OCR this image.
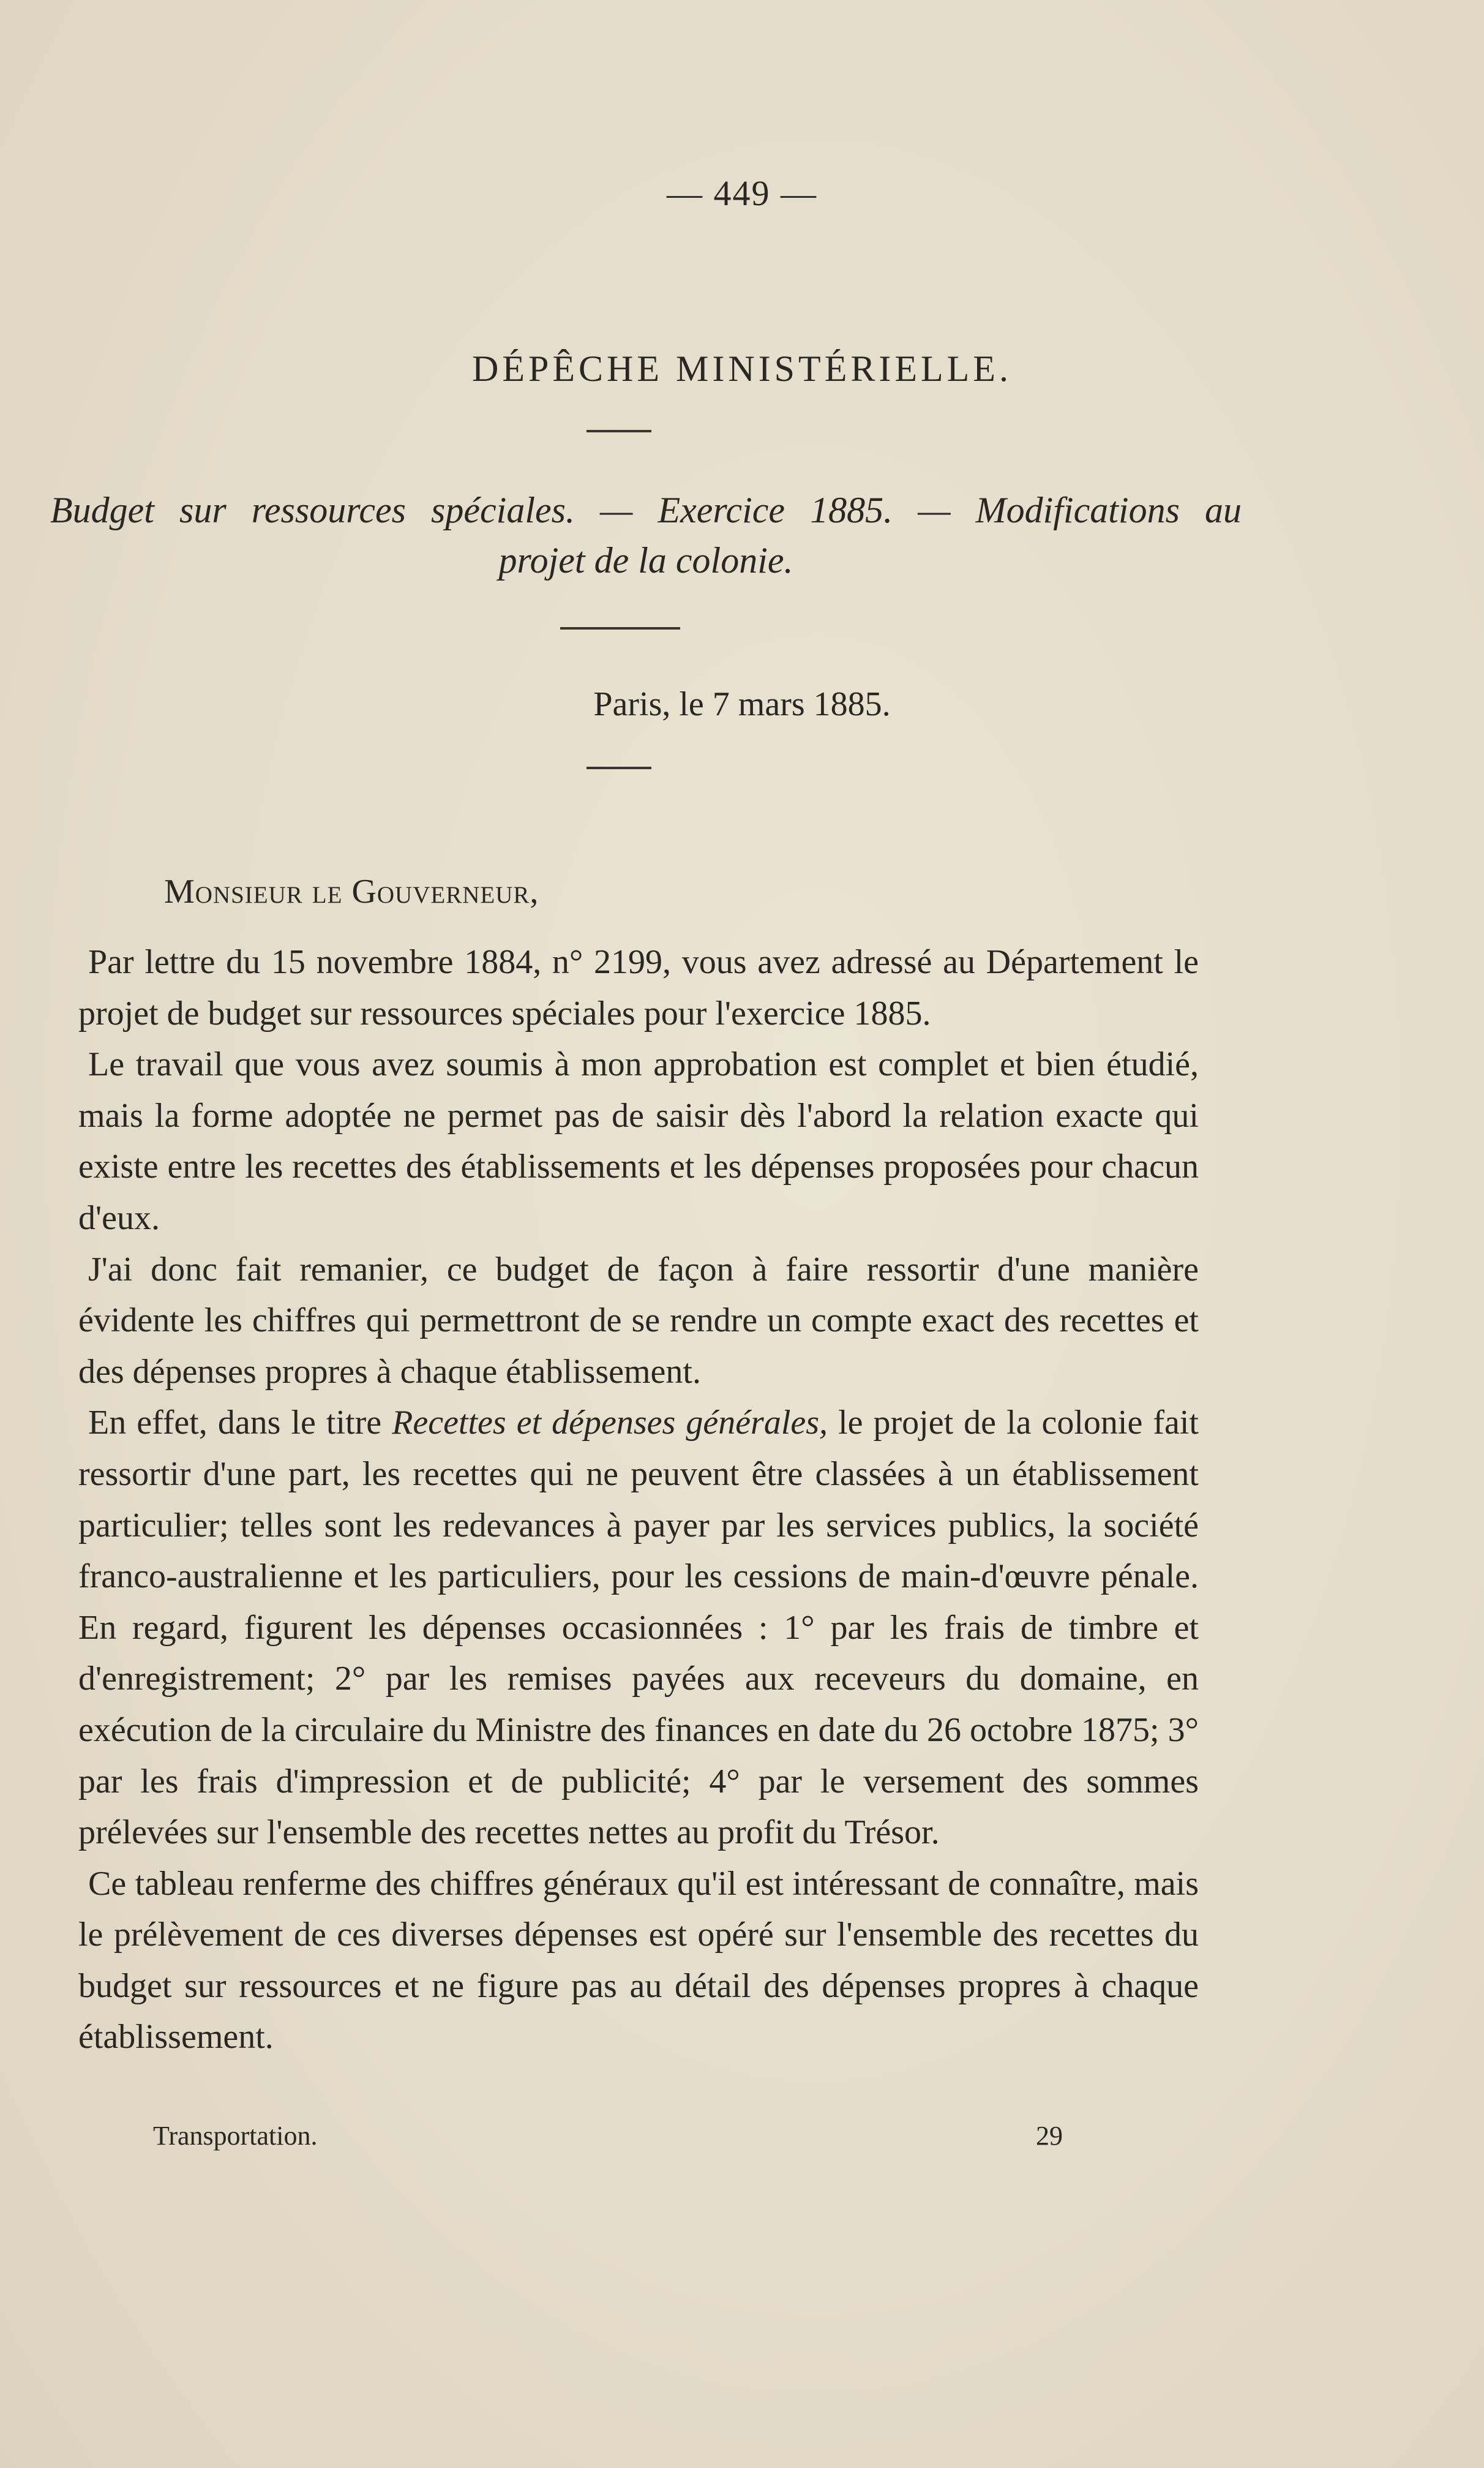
— 449 —
DÉPÊCHE MINISTÉRIELLE.
Budget sur ressources spéciales. — Exercice 1885. — Modifications au
projet de la colonie.
Paris, le 7 mars 1885.
Monsieur le Gouverneur,

Par lettre du 15 novembre 1884, n° 2199, vous avez adressé au Département le projet de budget sur ressources spéciales pour l'exercice 1885.

Le travail que vous avez soumis à mon approbation est complet et bien étudié, mais la forme adoptée ne permet pas de saisir dès l'abord la relation exacte qui existe entre les recettes des établissements et les dépenses proposées pour chacun d'eux.

J'ai donc fait remanier, ce budget de façon à faire ressortir d'une manière évidente les chiffres qui permettront de se rendre un compte exact des recettes et des dépenses propres à chaque établissement.

En effet, dans le titre Recettes et dépenses générales, le projet de la colonie fait ressortir d'une part, les recettes qui ne peuvent être classées à un établissement particulier; telles sont les redevances à payer par les services publics, la société franco-australienne et les particuliers, pour les cessions de main-d'œuvre pénale. En regard, figurent les dépenses occasionnées : 1° par les frais de timbre et d'enregistrement; 2° par les remises payées aux receveurs du domaine, en exécution de la circulaire du Ministre des finances en date du 26 octobre 1875; 3° par les frais d'impression et de publicité; 4° par le versement des sommes prélevées sur l'ensemble des recettes nettes au profit du Trésor.

Ce tableau renferme des chiffres généraux qu'il est intéressant de connaître, mais le prélèvement de ces diverses dépenses est opéré sur l'ensemble des recettes du budget sur ressources et ne figure pas au détail des dépenses propres à chaque établissement.

Transportation.	29
